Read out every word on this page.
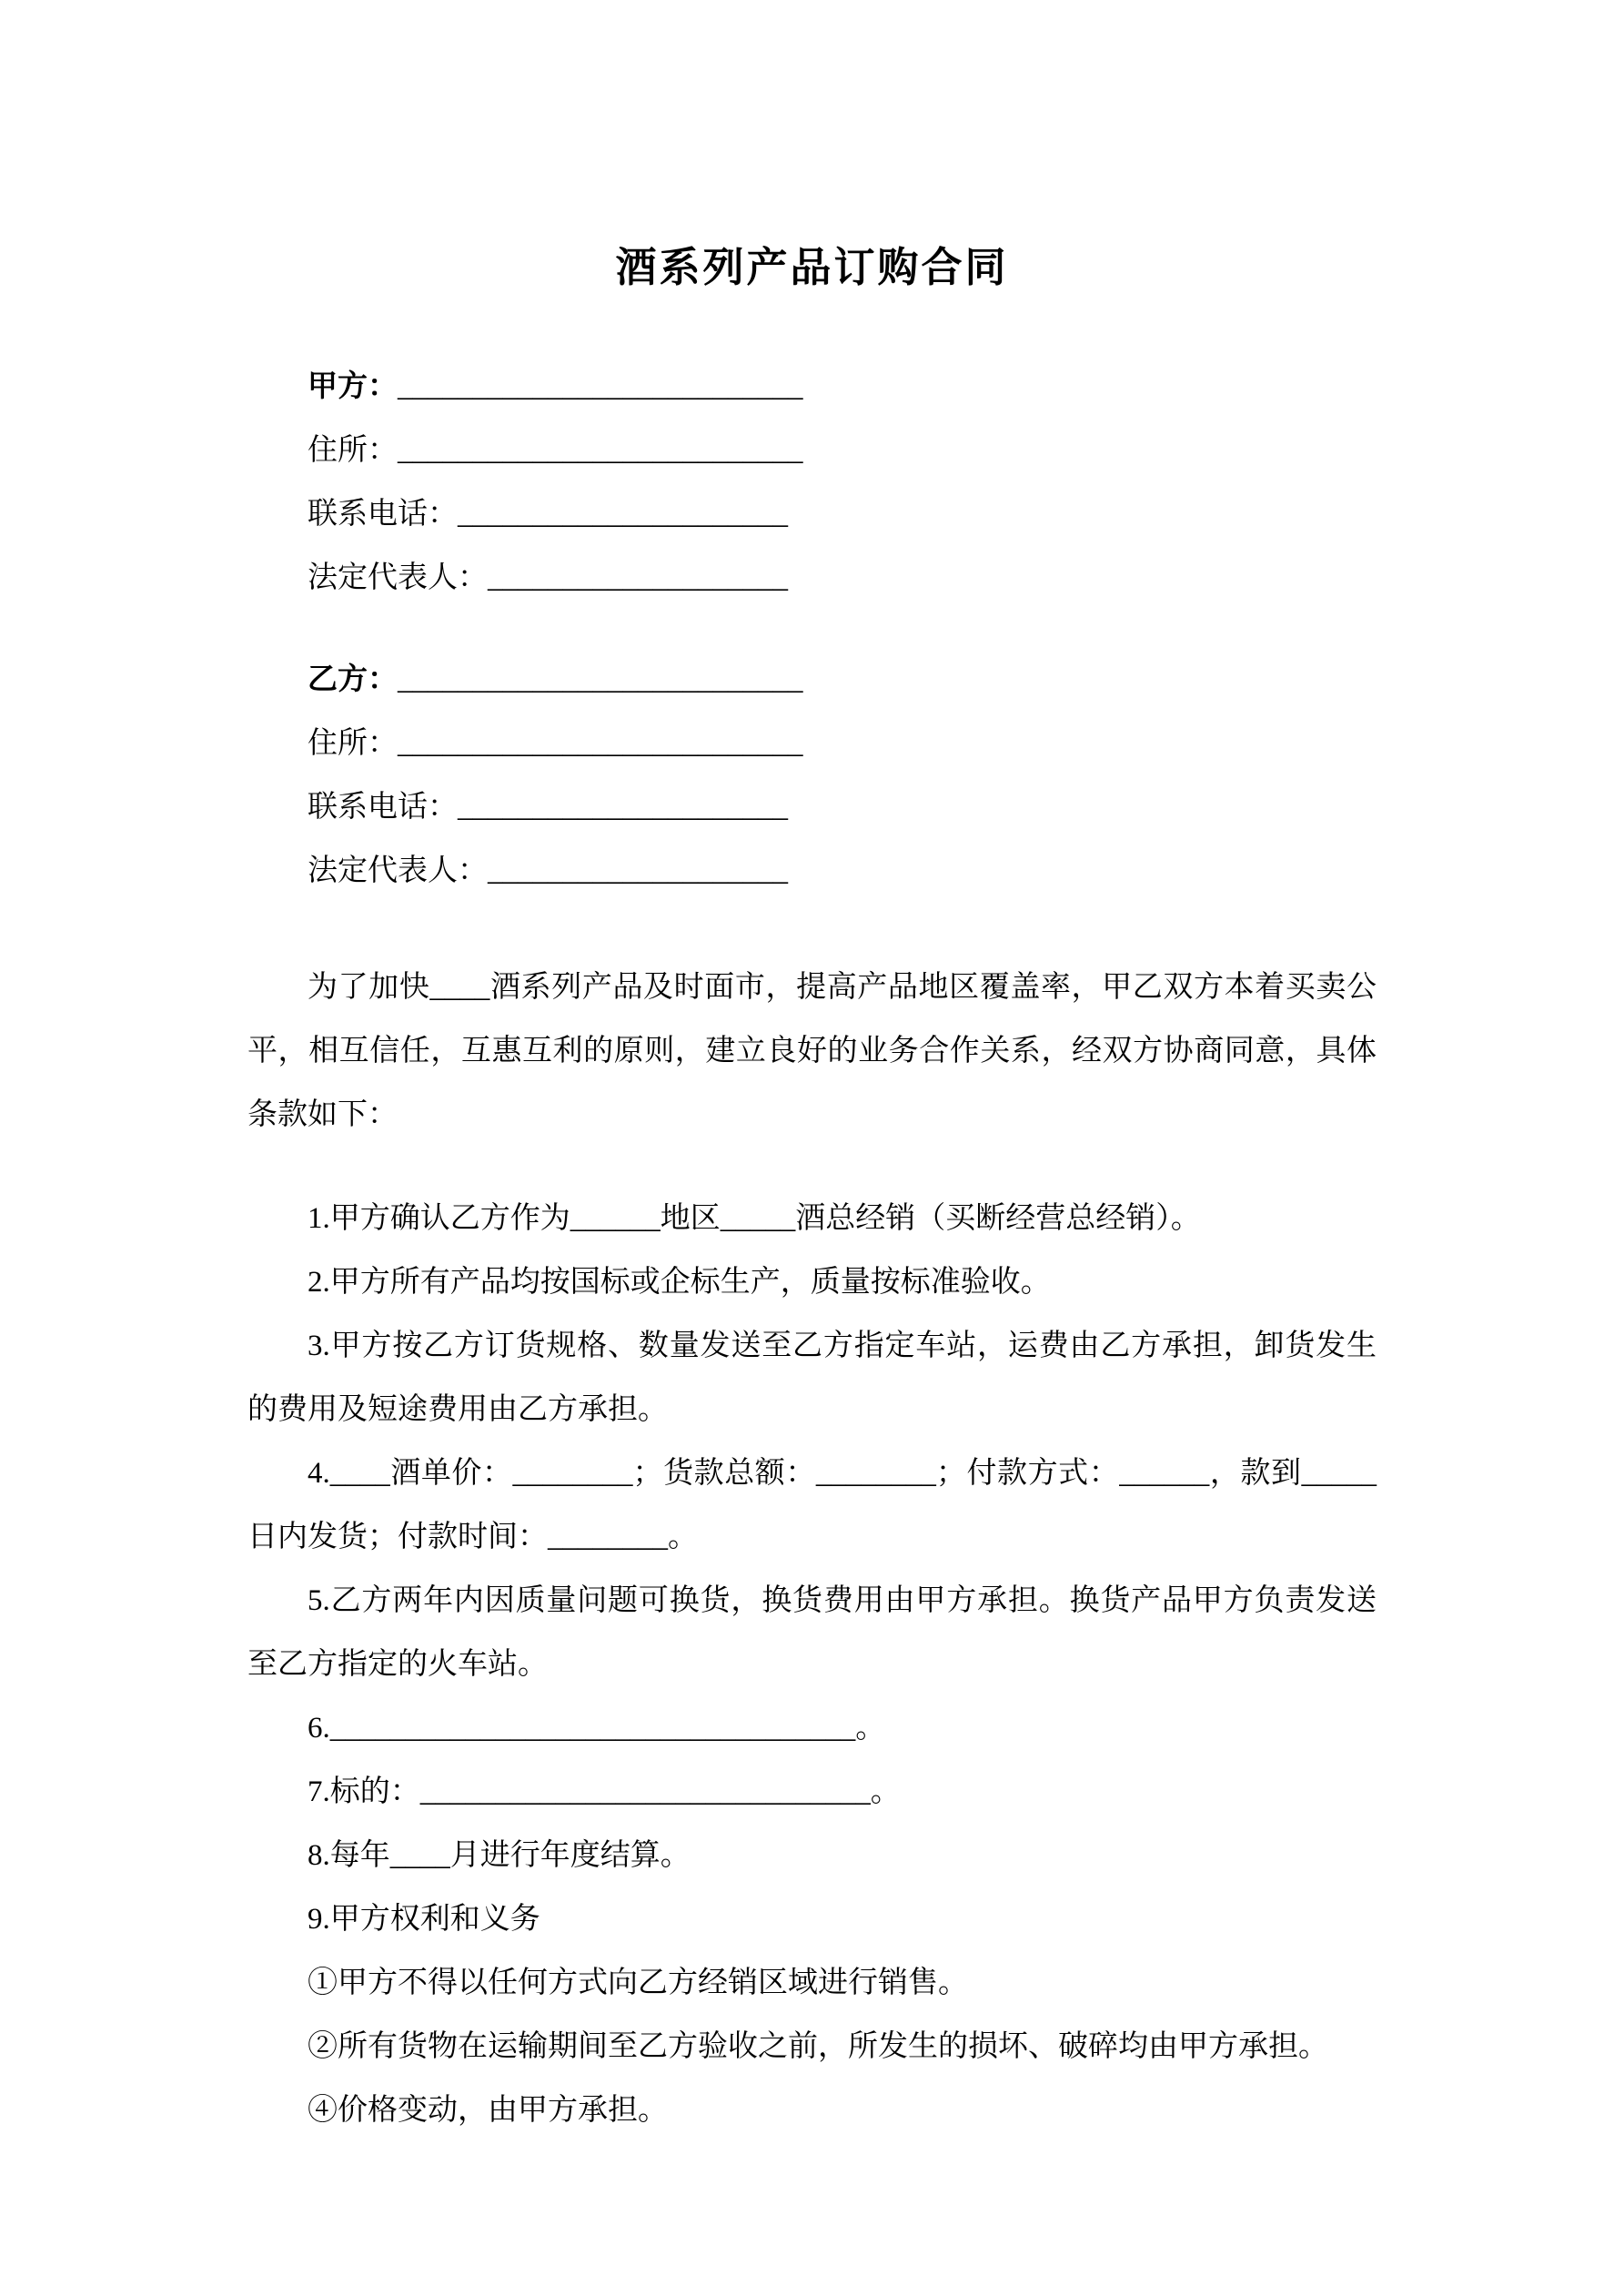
酒系列产品订购合同
甲方：___________________________
住所：___________________________
联系电话：______________________
法定代表人：____________________
乙方：___________________________
住所：___________________________
联系电话：______________________
法定代表人：____________________

为了加快____酒系列产品及时面市，提高产品地区覆盖率，甲乙双方本着买卖公平，相互信任，互惠互利的原则，建立良好的业务合作关系，经双方协商同意，具体条款如下：

1.甲方确认乙方作为______地区_____酒总经销（买断经营总经销）。

2.甲方所有产品均按国标或企标生产，质量按标准验收。

3.甲方按乙方订货规格、数量发送至乙方指定车站，运费由乙方承担，卸货发生的费用及短途费用由乙方承担。

4.____酒单价：________；货款总额：________；付款方式：______，款到_____日内发货；付款时间：________。

5.乙方两年内因质量问题可换货，换货费用由甲方承担。换货产品甲方负责发送至乙方指定的火车站。

6.___________________________________。

7.标的：______________________________。

8.每年____月进行年度结算。

9.甲方权利和义务

①甲方不得以任何方式向乙方经销区域进行销售。

②所有货物在运输期间至乙方验收之前，所发生的损坏、破碎均由甲方承担。

④价格变动，由甲方承担。
